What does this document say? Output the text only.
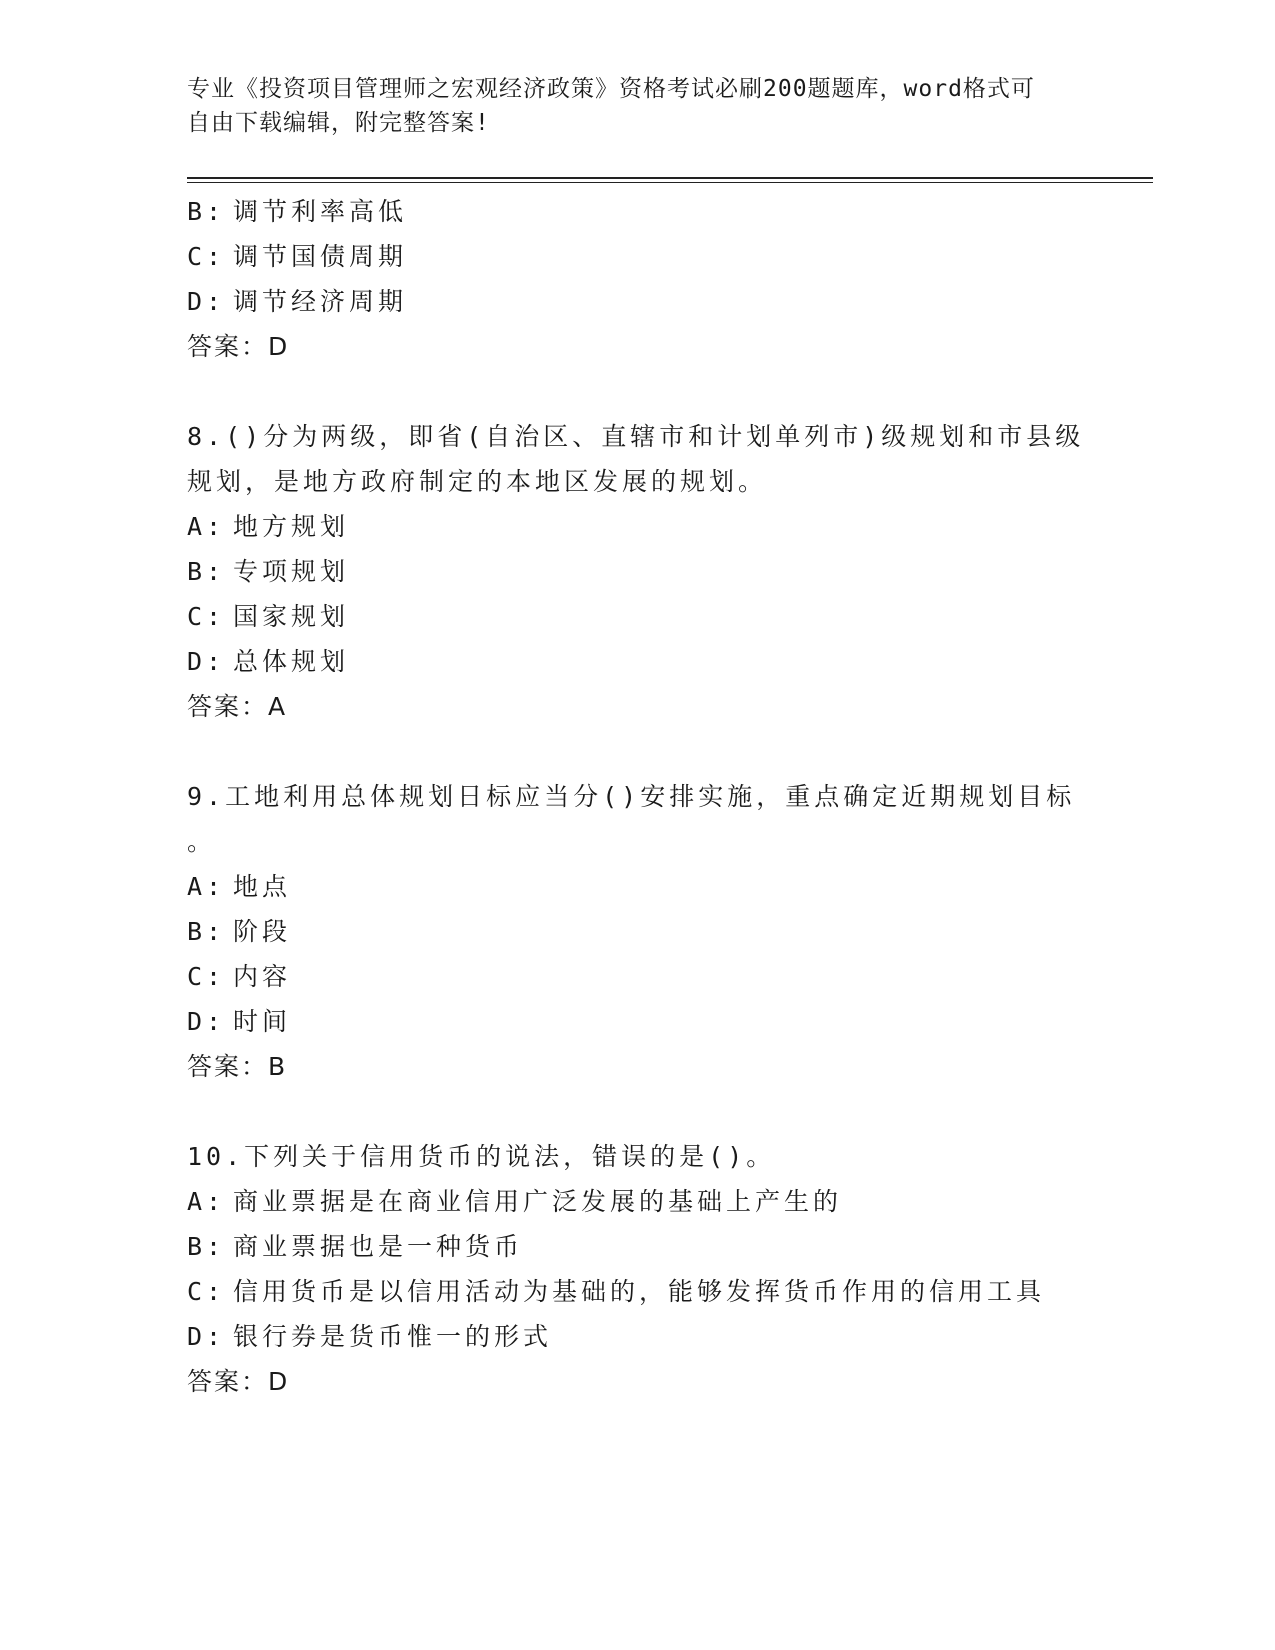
专业《投资项目管理师之宏观经济政策》资格考试必刷200题题库，word格式可
自由下载编辑，附完整答案!

B: 调节利率高低

C: 调节国债周期

D: 调节经济周期

答案：D

8.()分为两级，即省(自治区、直辖市和计划单列市)级规划和市县级

规划，是地方政府制定的本地区发展的规划。

A: 地方规划

B: 专项规划

C: 国家规划

D: 总体规划

答案：A

9.工地利用总体规划日标应当分()安排实施，重点确定近期规划目标

。

A: 地点

B: 阶段

C: 内容

D: 时间

答案：B

10.下列关于信用货币的说法，错误的是()。

A: 商业票据是在商业信用广泛发展的基础上产生的

B: 商业票据也是一种货币

C: 信用货币是以信用活动为基础的，能够发挥货币作用的信用工具

D: 银行券是货币惟一的形式

答案：D
